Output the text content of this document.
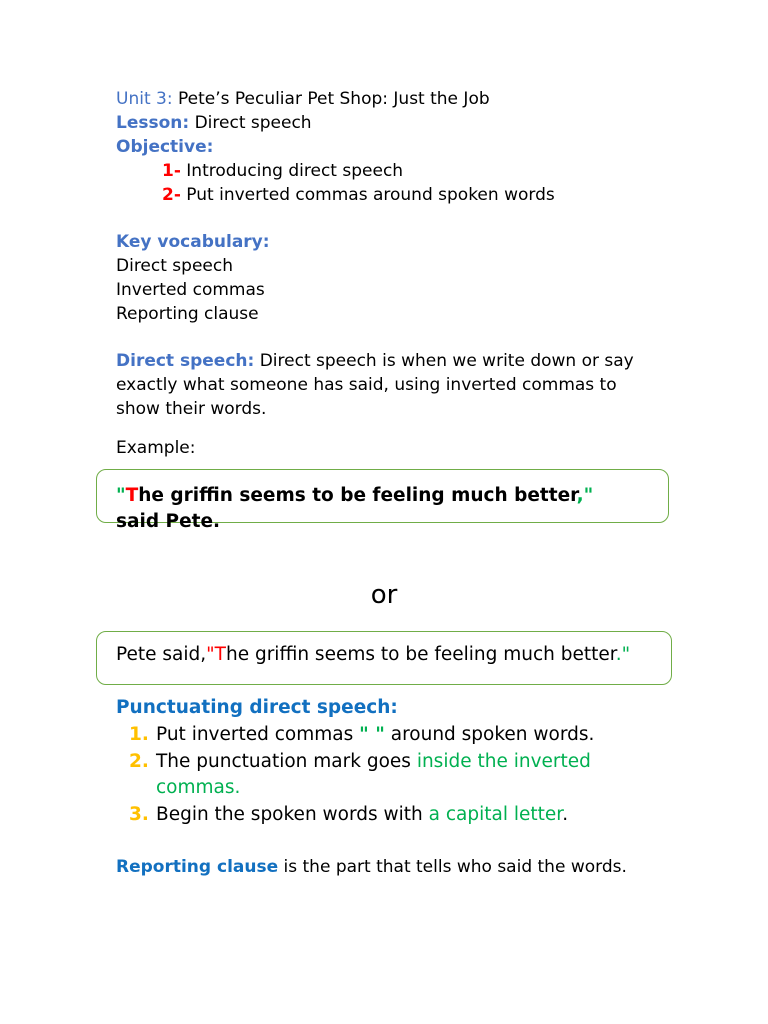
Unit 3: Pete’s Peculiar Pet Shop: Just the Job
Lesson: Direct speech
Objective:
1- Introducing direct speech
2- Put inverted commas around spoken words
Key vocabulary:
Direct speech
Inverted commas
Reporting clause
Direct speech: Direct speech is when we write down or say
exactly what someone has said, using inverted commas to
show their words.
Example:
"The griffin seems to be feeling much better," said Pete.
or
Pete said,"The griffin seems to be feeling much better."
Punctuating direct speech:
1. Put inverted commas " " around spoken words.
2. The punctuation mark goes inside the inverted
commas.
3. Begin the spoken words with a capital letter.
Reporting clause is the part that tells who said the words.
